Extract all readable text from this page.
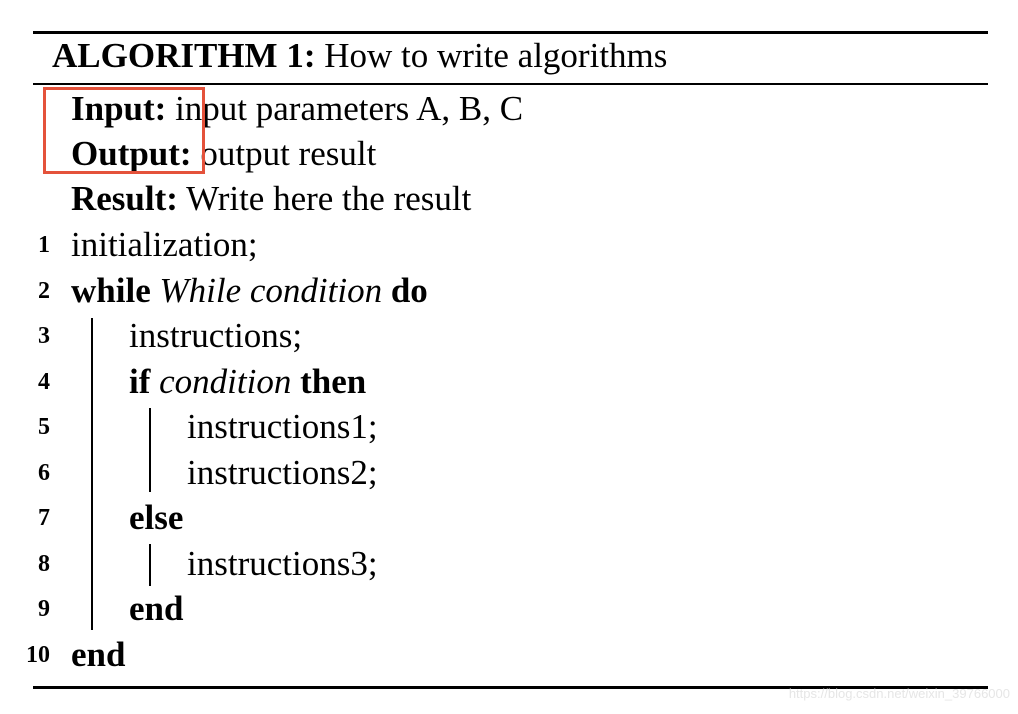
ALGORITHM 1: How to write algorithms
Input: input parameters A, B, C
Output: output result
Result: Write here the result
1
2
3
4
5
6
7
8
9
10
initialization;
while While condition do
instructions;
if condition then
instructions1;
instructions2;
else
instructions3;
end
end
https://blog.csdn.net/weixin_39766000
